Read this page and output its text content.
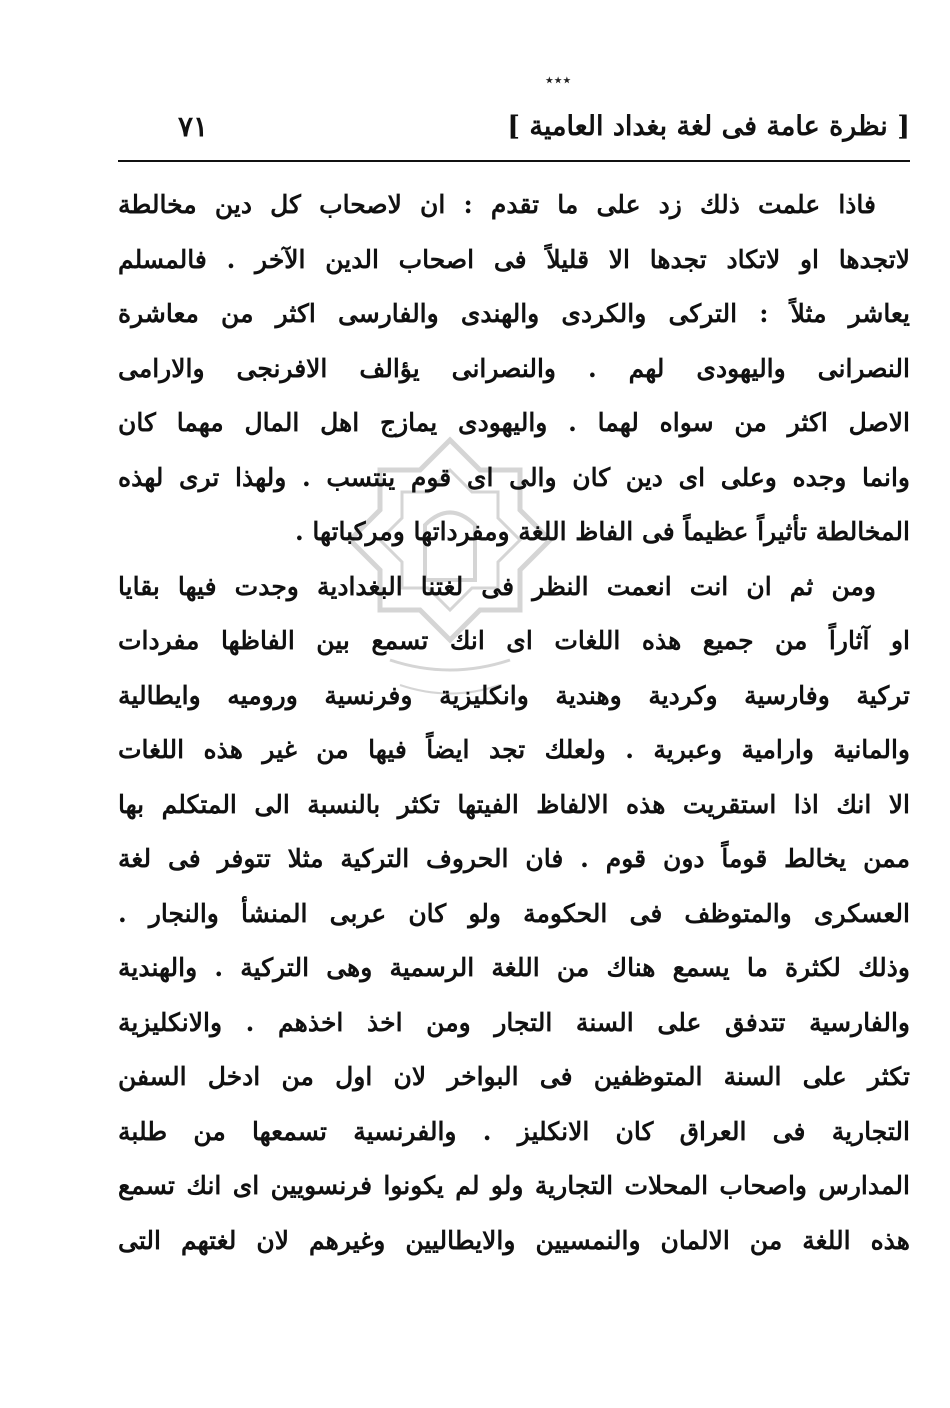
٭٭٭
[ نظرة عامة فى لغة بغداد العامية ]
٧١
فاذا علمت ذلك زد على ما تقدم : ان لاصحاب كل دين مخالطة
لاتجدها او لاتكاد تجدها الا قليلاً فى اصحاب الدين الآخر . فالمسلم
يعاشر مثلاً : التركى والكردى والهندى والفارسى اكثر من معاشرة
النصرانى واليهودى لهم . والنصرانى يؤالف الافرنجى والارامى
الاصل اكثر من سواه لهما . واليهودى يمازج اهل المال مهما كان
وانما وجده وعلى اى دين كان والى اى قوم ينتسب . ولهذا ترى لهذه
المخالطة تأثيراً عظيماً فى الفاظ اللغة ومفرداتها ومركباتها .
ومن ثم ان انت انعمت النظر فى لغتنا البغدادية وجدت فيها بقايا
او آثاراً من جميع هذه اللغات اى انك تسمع بين الفاظها مفردات
تركية وفارسية وكردية وهندية وانكليزية وفرنسية وروميه وايطالية
والمانية وارامية وعبرية . ولعلك تجد ايضاً فيها من غير هذه اللغات
الا انك اذا استقريت هذه الالفاظ الفيتها تكثر بالنسبة الى المتكلم بها
ممن يخالط قوماً دون قوم . فان الحروف التركية مثلا تتوفر فى لغة
العسكرى والمتوظف فى الحكومة ولو كان عربى المنشأ والنجار .
وذلك لكثرة ما يسمع هناك من اللغة الرسمية وهى التركية . والهندية
والفارسية تتدفق على السنة التجار ومن اخذ اخذهم . والانكليزية
تكثر على السنة المتوظفين فى البواخر لان اول من ادخل السفن
التجارية فى العراق كان الانكليز . والفرنسية تسمعها من طلبة
المدارس واصحاب المحلات التجارية ولو لم يكونوا فرنسويين اى انك تسمع
هذه اللغة من الالمان والنمسيين والايطاليين وغيرهم لان لغتهم التى
